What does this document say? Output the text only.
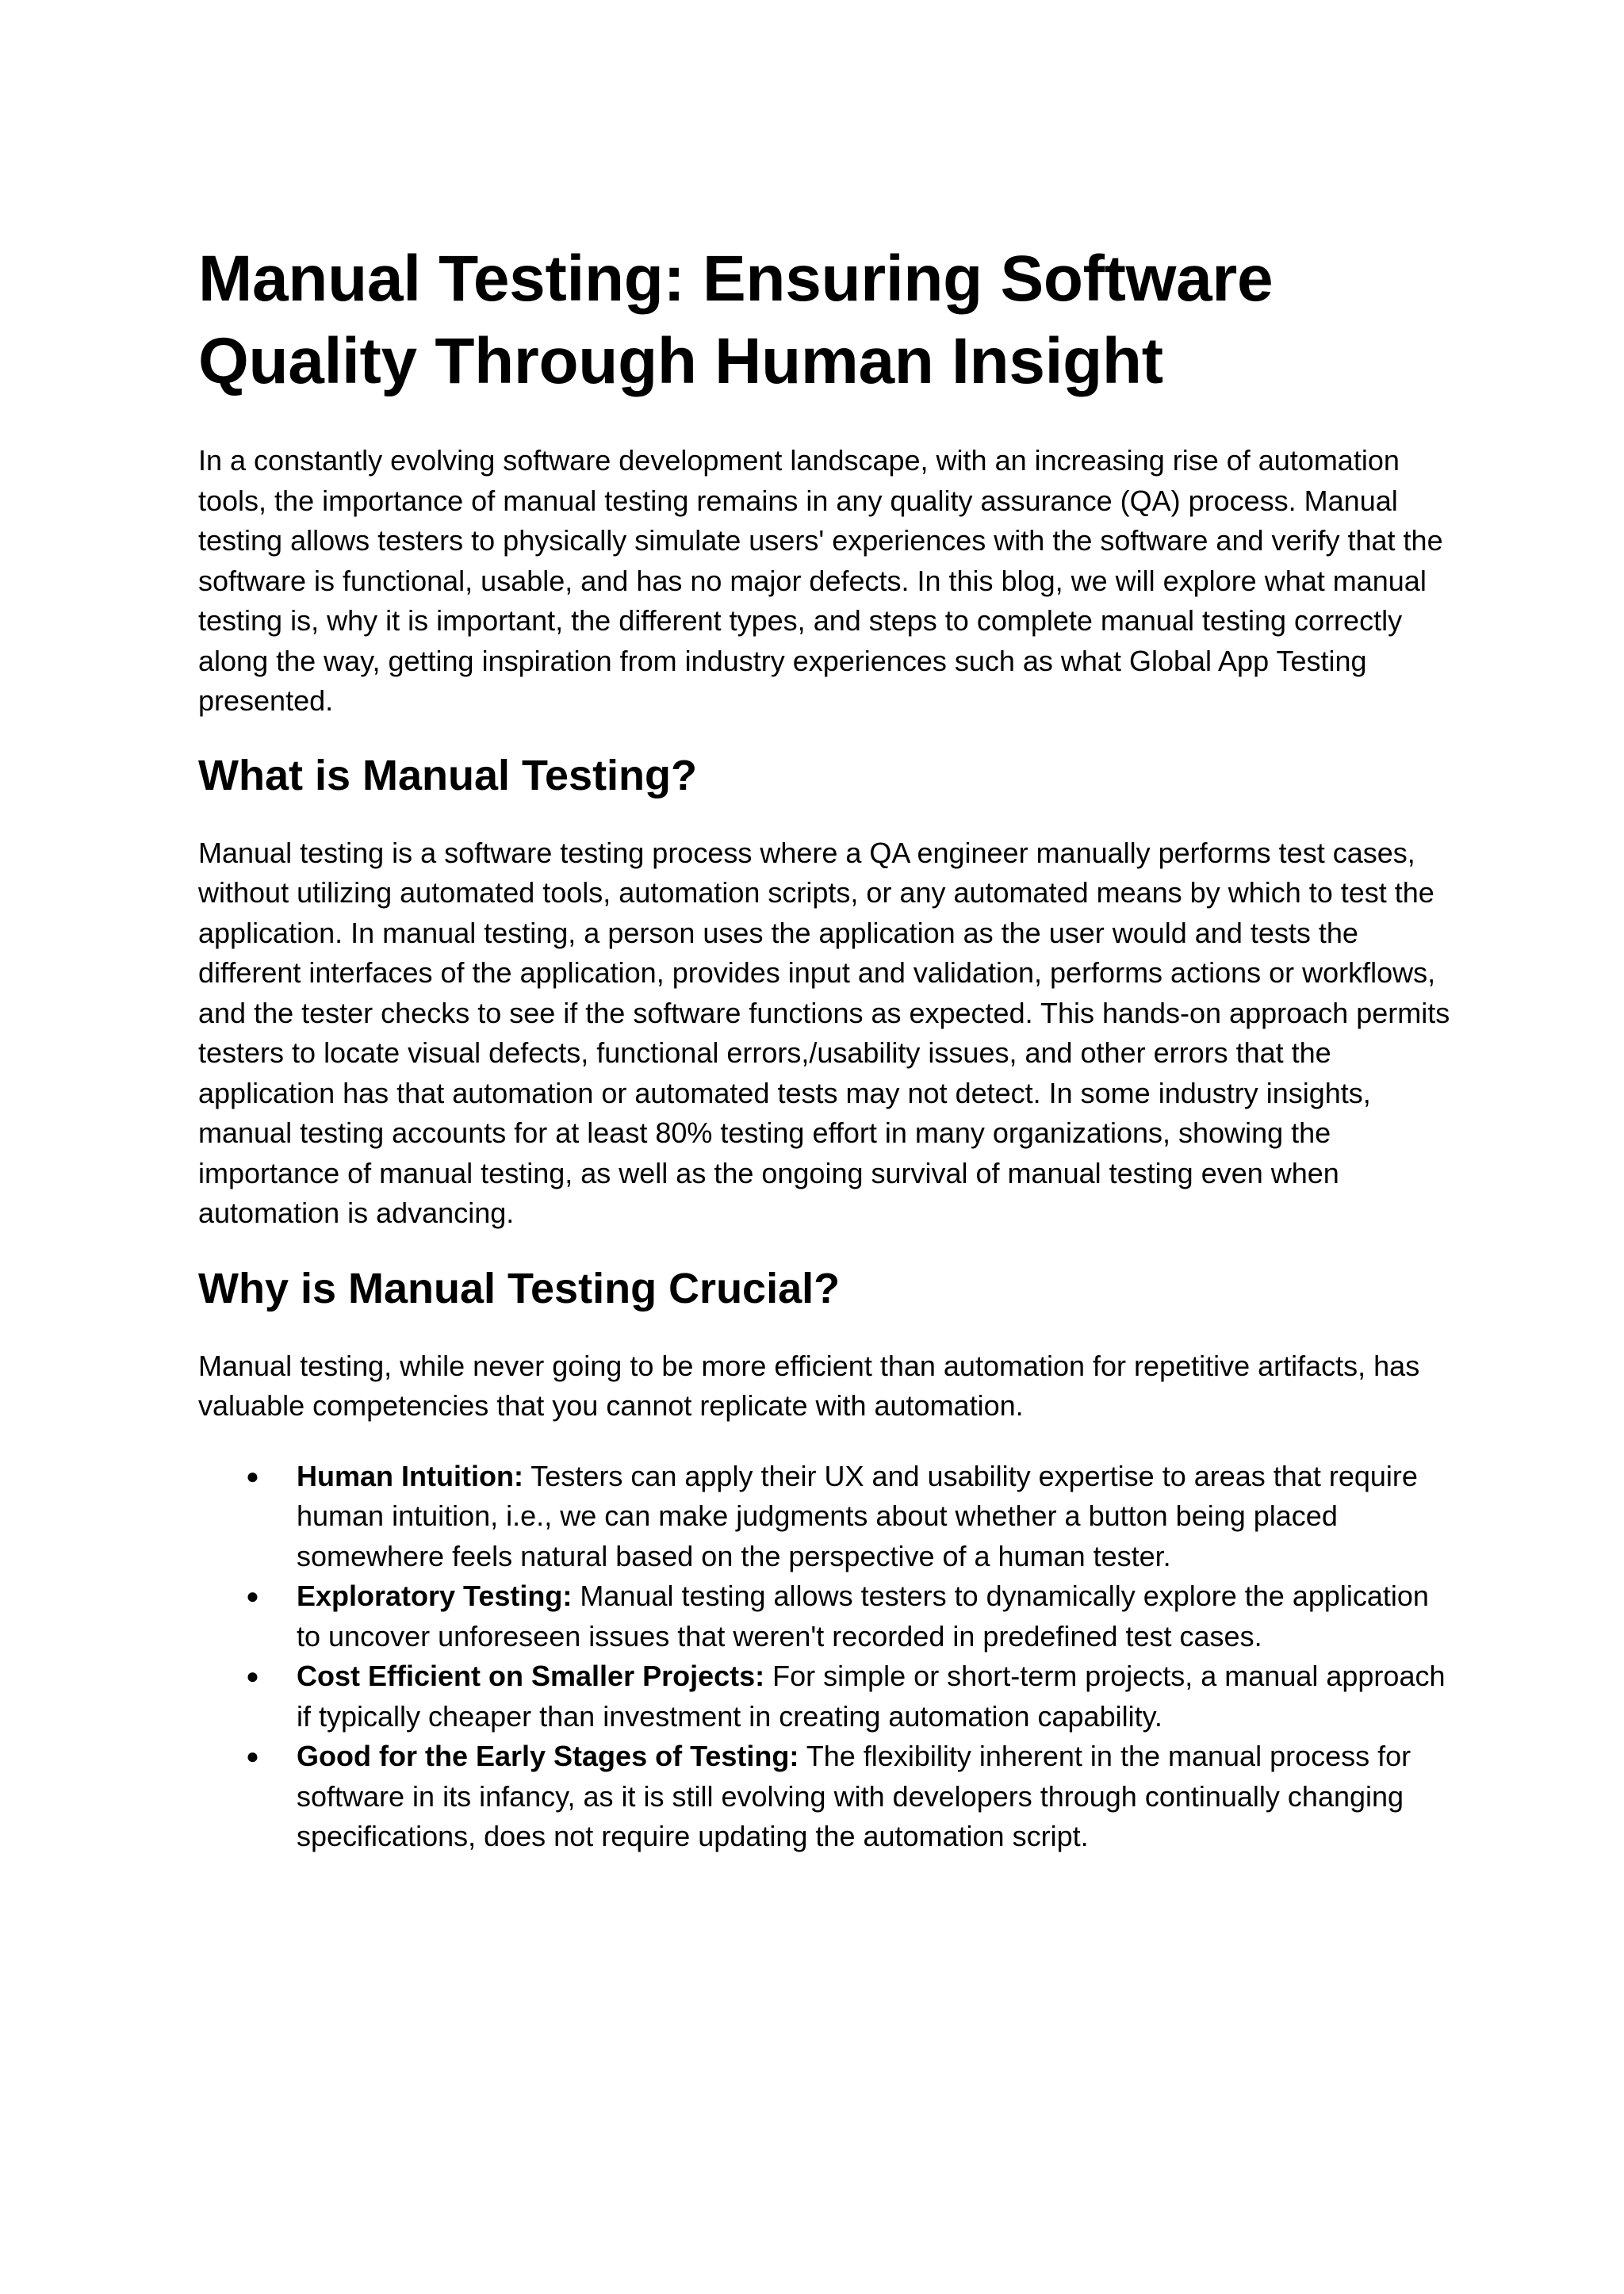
Manual Testing: Ensuring Software Quality Through Human Insight

In a constantly evolving software development landscape, with an increasing rise of automation tools, the importance of manual testing remains in any quality assurance (QA) process. Manual testing allows testers to physically simulate users' experiences with the software and verify that the software is functional, usable, and has no major defects. In this blog, we will explore what manual testing is, why it is important, the different types, and steps to complete manual testing correctly along the way, getting inspiration from industry experiences such as what Global App Testing presented.

What is Manual Testing?

Manual testing is a software testing process where a QA engineer manually performs test cases, without utilizing automated tools, automation scripts, or any automated means by which to test the application. In manual testing, a person uses the application as the user would and tests the different interfaces of the application, provides input and validation, performs actions or workflows, and the tester checks to see if the software functions as expected. This hands-on approach permits testers to locate visual defects, functional errors,/usability issues, and other errors that the application has that automation or automated tests may not detect. In some industry insights, manual testing accounts for at least 80% testing effort in many organizations, showing the importance of manual testing, as well as the ongoing survival of manual testing even when automation is advancing.

Why is Manual Testing Crucial?

Manual testing, while never going to be more efficient than automation for repetitive artifacts, has valuable competencies that you cannot replicate with automation.

● Human Intuition: Testers can apply their UX and usability expertise to areas that require human intuition, i.e., we can make judgments about whether a button being placed somewhere feels natural based on the perspective of a human tester.
● Exploratory Testing: Manual testing allows testers to dynamically explore the application to uncover unforeseen issues that weren't recorded in predefined test cases.
● Cost Efficient on Smaller Projects: For simple or short-term projects, a manual approach if typically cheaper than investment in creating automation capability.
● Good for the Early Stages of Testing: The flexibility inherent in the manual process for software in its infancy, as it is still evolving with developers through continually changing specifications, does not require updating the automation script.
